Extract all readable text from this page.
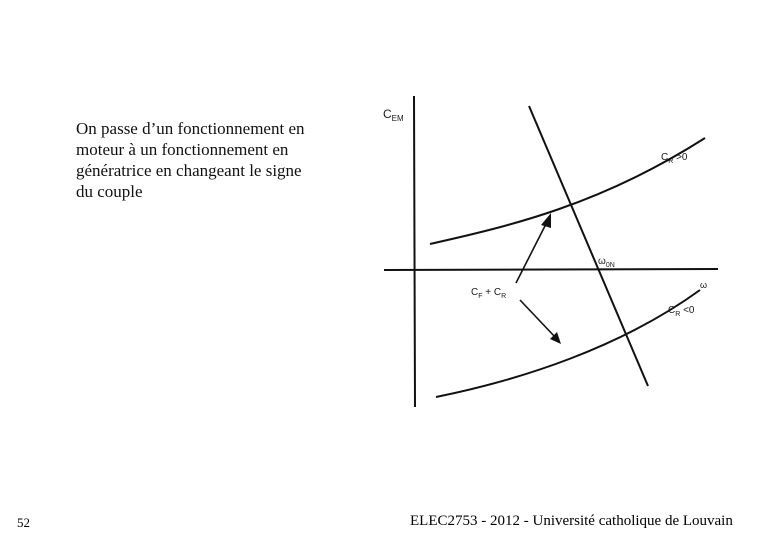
On passe d’un fonctionnement en
moteur à un fonctionnement en
génératrice en changeant le signe
du couple
$C_{EM}$
ω
$\omega_{0N}$
$C_R >0$
$C_R <0$
$C_F + C_R$
52	ELEC2753 - 2012 - Université catholique de Louvain
